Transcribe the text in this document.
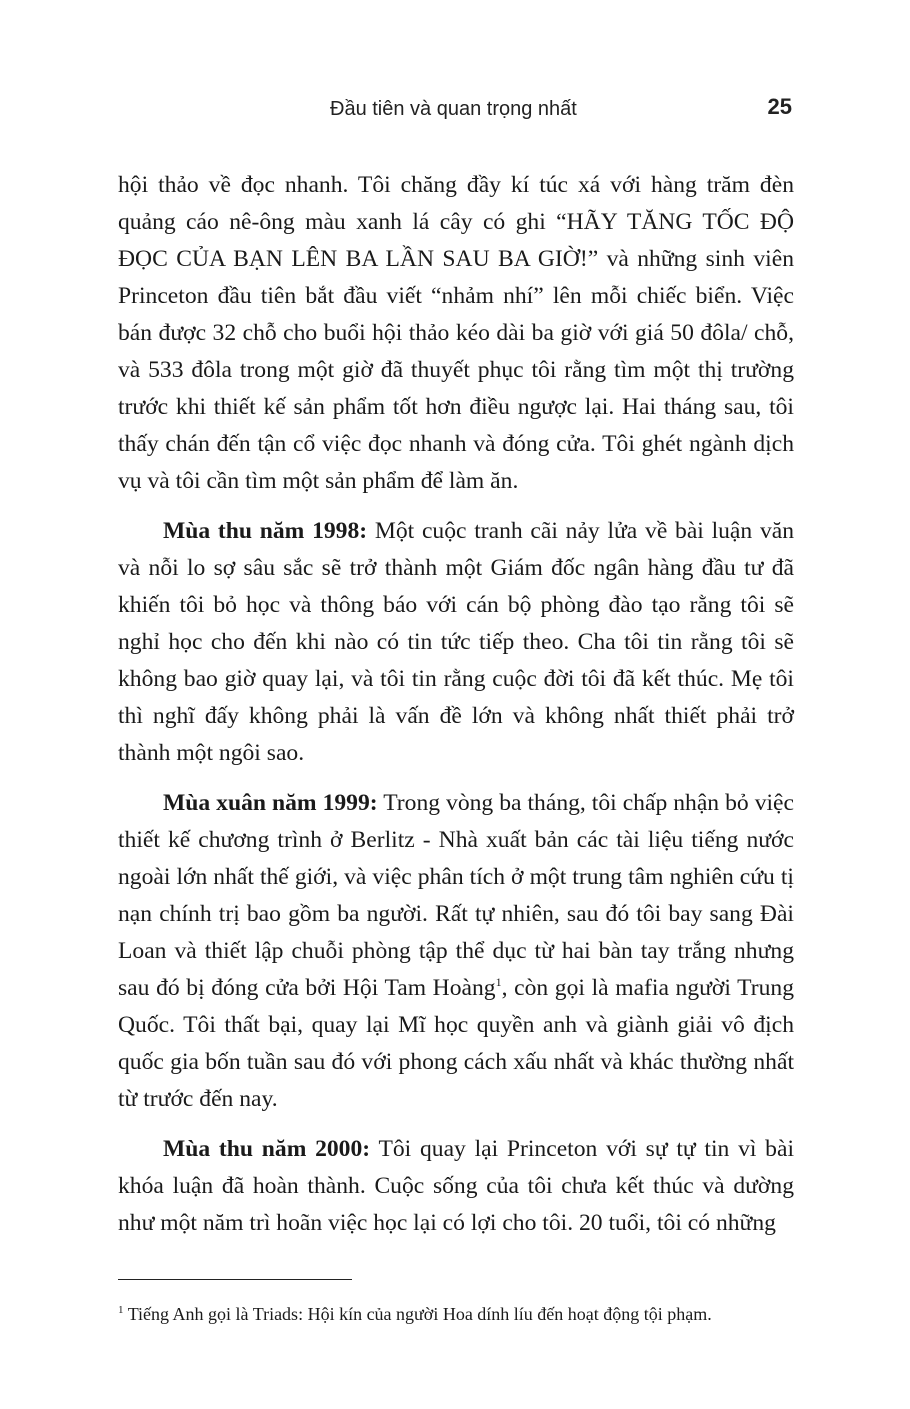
Đầu tiên và quan trọng nhất	25

hội thảo về đọc nhanh. Tôi chăng đầy kí túc xá với hàng trăm đèn quảng cáo nê-ông màu xanh lá cây có ghi “HÃY TĂNG TỐC ĐỘ ĐỌC CỦA BẠN LÊN BA LẦN SAU BA GIỜ!” và những sinh viên Princeton đầu tiên bắt đầu viết “nhảm nhí” lên mỗi chiếc biển. Việc bán được 32 chỗ cho buổi hội thảo kéo dài ba giờ với giá 50 đôla/ chỗ, và 533 đôla trong một giờ đã thuyết phục tôi rằng tìm một thị trường trước khi thiết kế sản phẩm tốt hơn điều ngược lại. Hai tháng sau, tôi thấy chán đến tận cổ việc đọc nhanh và đóng cửa. Tôi ghét ngành dịch vụ và tôi cần tìm một sản phẩm để làm ăn.

Mùa thu năm 1998: Một cuộc tranh cãi nảy lửa về bài luận văn và nỗi lo sợ sâu sắc sẽ trở thành một Giám đốc ngân hàng đầu tư đã khiến tôi bỏ học và thông báo với cán bộ phòng đào tạo rằng tôi sẽ nghỉ học cho đến khi nào có tin tức tiếp theo. Cha tôi tin rằng tôi sẽ không bao giờ quay lại, và tôi tin rằng cuộc đời tôi đã kết thúc. Mẹ tôi thì nghĩ đấy không phải là vấn đề lớn và không nhất thiết phải trở thành một ngôi sao.

Mùa xuân năm 1999: Trong vòng ba tháng, tôi chấp nhận bỏ việc thiết kế chương trình ở Berlitz - Nhà xuất bản các tài liệu tiếng nước ngoài lớn nhất thế giới, và việc phân tích ở một trung tâm nghiên cứu tị nạn chính trị bao gồm ba người. Rất tự nhiên, sau đó tôi bay sang Đài Loan và thiết lập chuỗi phòng tập thể dục từ hai bàn tay trắng nhưng sau đó bị đóng cửa bởi Hội Tam Hoàng$^1$, còn gọi là mafia người Trung Quốc. Tôi thất bại, quay lại Mĩ học quyền anh và giành giải vô địch quốc gia bốn tuần sau đó với phong cách xấu nhất và khác thường nhất từ trước đến nay.

Mùa thu năm 2000: Tôi quay lại Princeton với sự tự tin vì bài khóa luận đã hoàn thành. Cuộc sống của tôi chưa kết thúc và dường như một năm trì hoãn việc học lại có lợi cho tôi. 20 tuổi, tôi có những

$^1$ Tiếng Anh gọi là Triads: Hội kín của người Hoa dính líu đến hoạt động tội phạm.
